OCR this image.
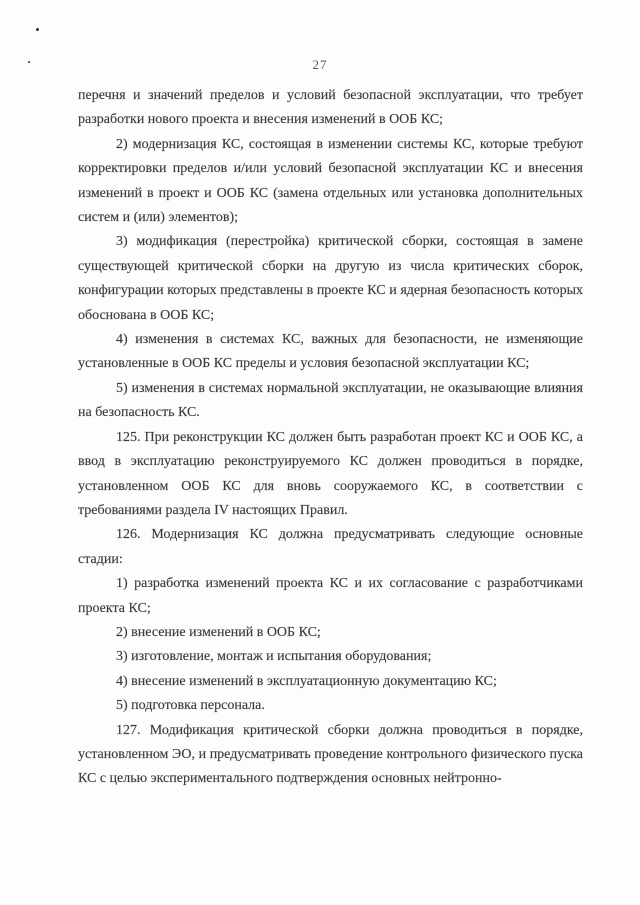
27

перечня и значений пределов и условий безопасной эксплуатации, что требует разработки нового проекта и внесения изменений в ООБ КС;

2) модернизация КС, состоящая в изменении системы КС, которые требуют корректировки пределов и/или условий безопасной эксплуатации КС и внесения изменений в проект и ООБ КС (замена отдельных или установка дополнительных систем и (или) элементов);

3) модификация (перестройка) критической сборки, состоящая в замене существующей критической сборки на другую из числа критических сборок, конфигурации которых представлены в проекте КС и ядерная безопасность которых обоснована в ООБ КС;

4) изменения в системах КС, важных для безопасности, не изменяющие установленные в ООБ КС пределы и условия безопасной эксплуатации КС;

5) изменения в системах нормальной эксплуатации, не оказывающие влияния на безопасность КС.

125. При реконструкции КС должен быть разработан проект КС и ООБ КС, а ввод в эксплуатацию реконструируемого КС должен проводиться в порядке, установленном ООБ КС для вновь сооружаемого КС, в соответствии с требованиями раздела IV настоящих Правил.

126. Модернизация КС должна предусматривать следующие основные стадии:

1) разработка изменений проекта КС и их согласование с разработчиками проекта КС;

2) внесение изменений в ООБ КС;

3) изготовление, монтаж и испытания оборудования;

4) внесение изменений в эксплуатационную документацию КС;

5) подготовка персонала.

127. Модификация критической сборки должна проводиться в порядке, установленном ЭО, и предусматривать проведение контрольного физического пуска КС с целью экспериментального подтверждения основных нейтронно-
